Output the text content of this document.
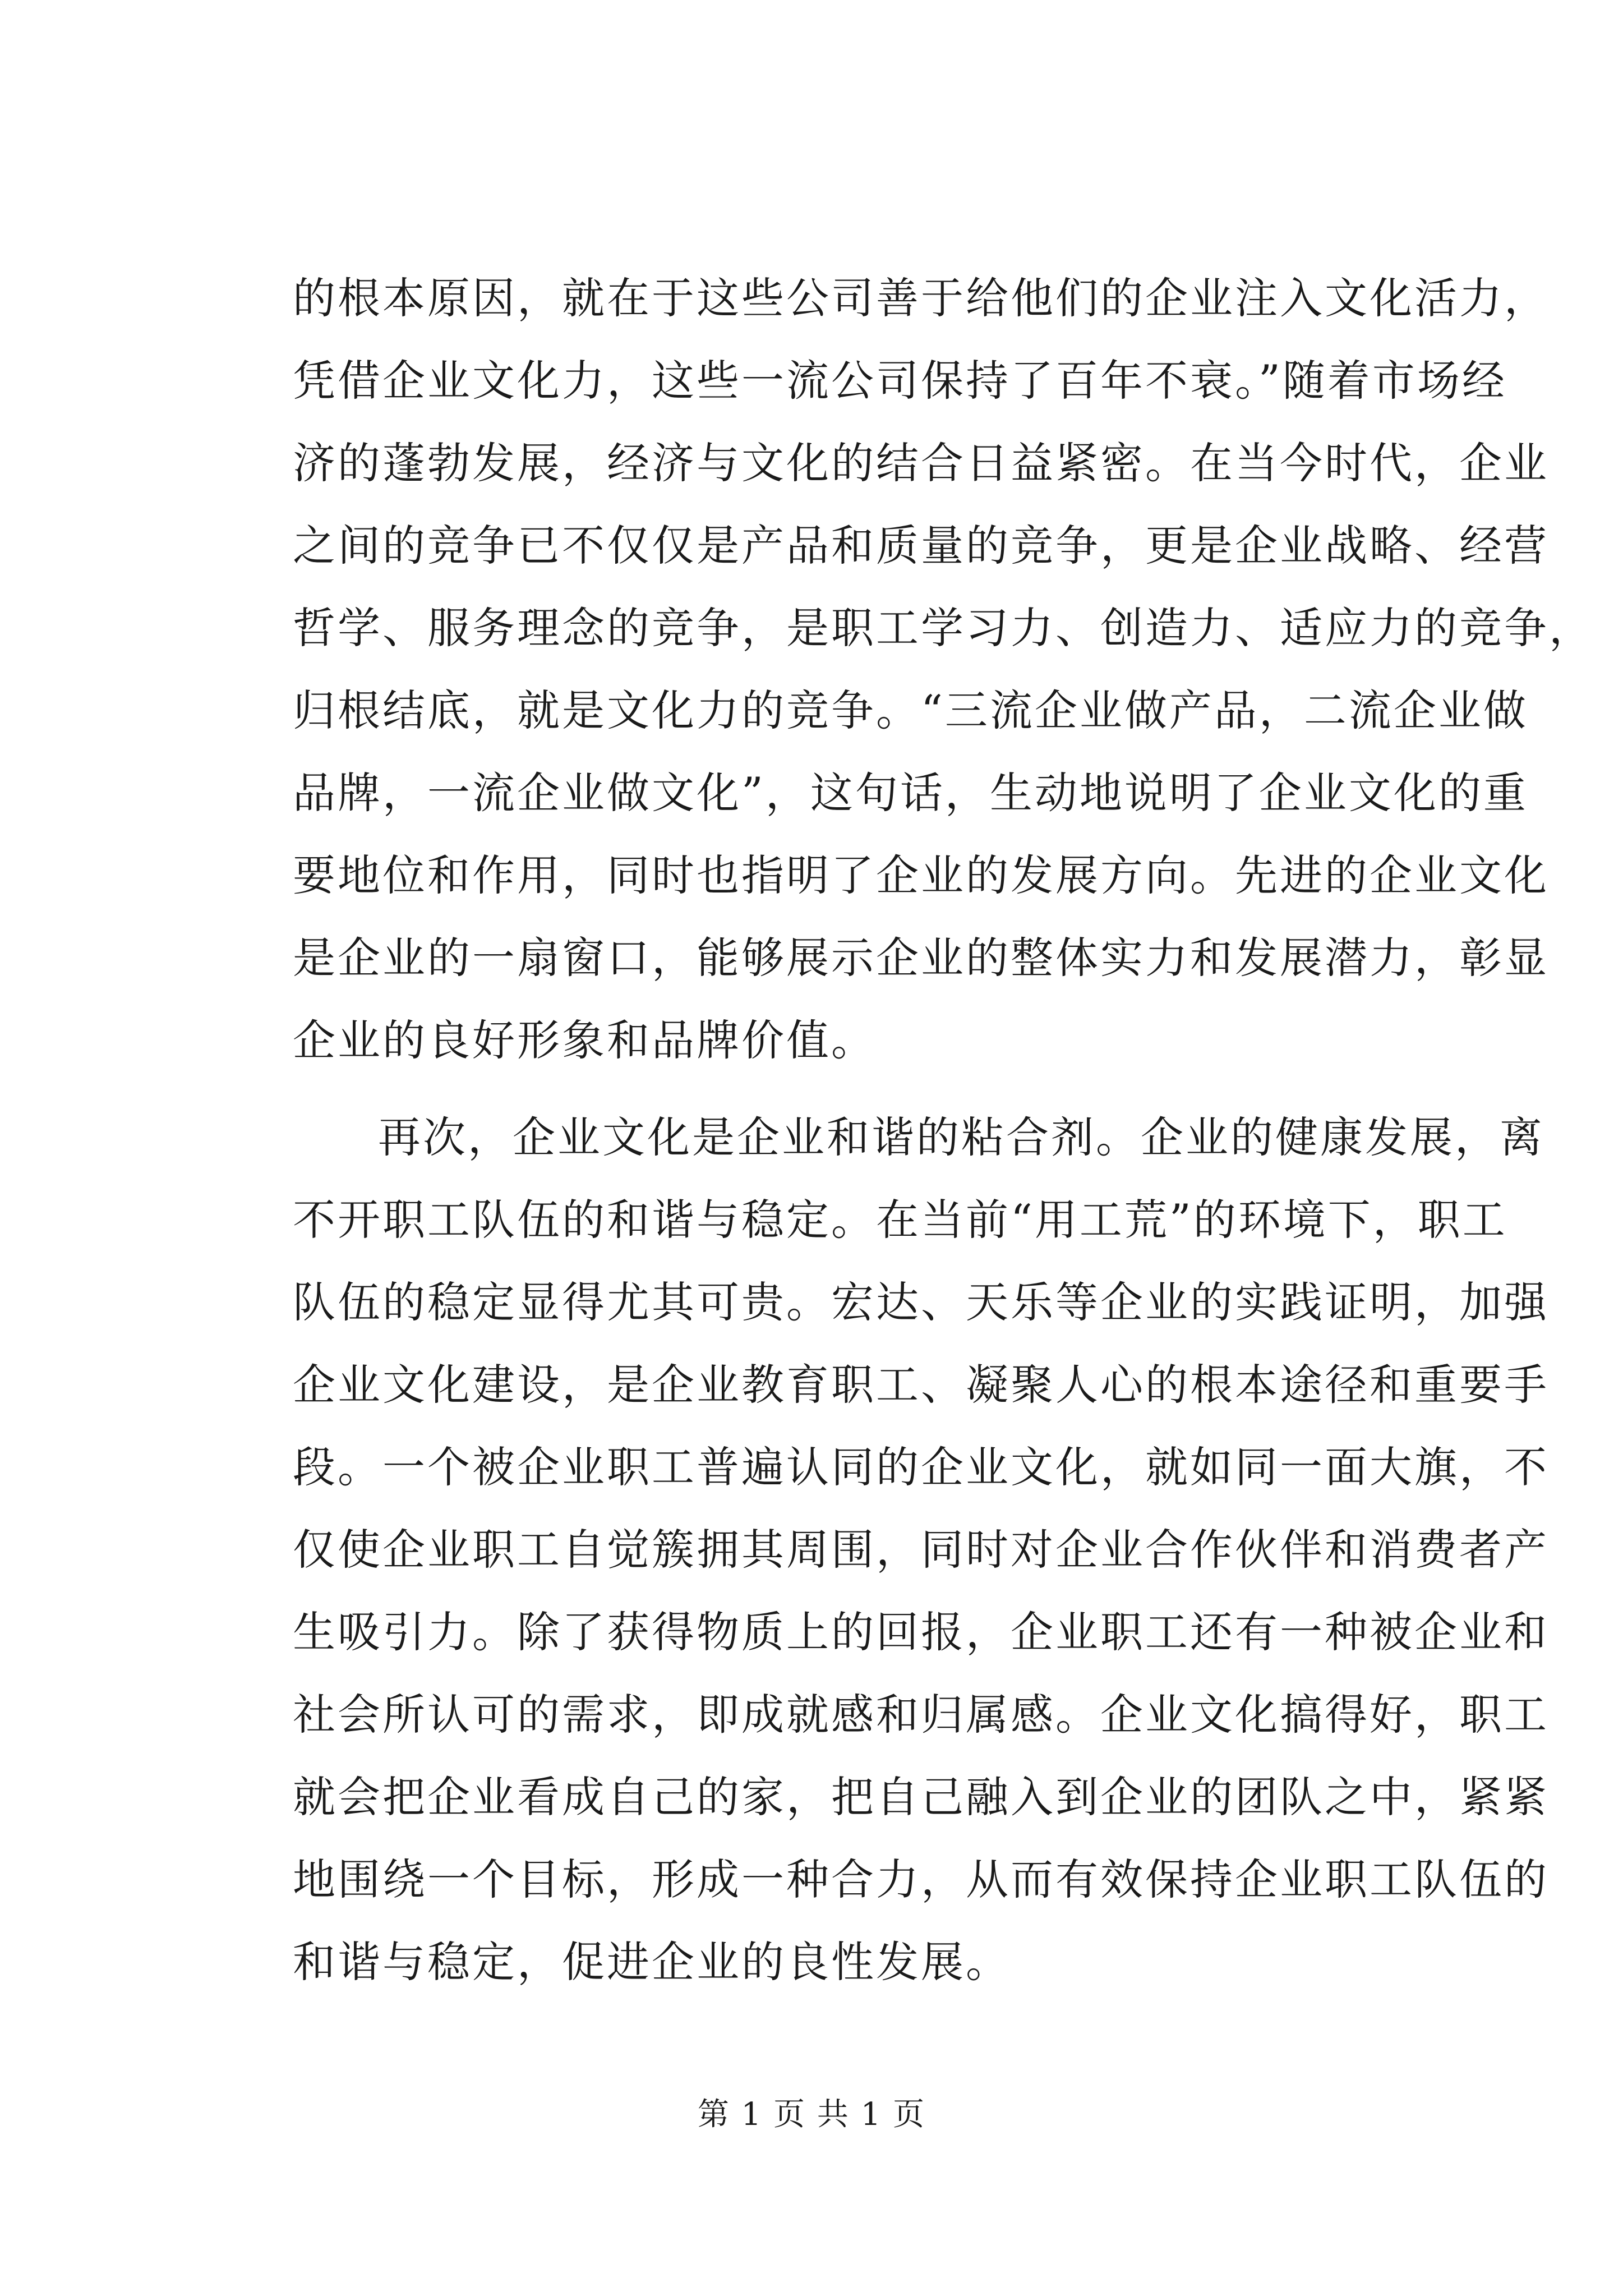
的根本原因，就在于这些公司善于给他们的企业注入文化活力，
凭借企业文化力，这些一流公司保持了百年不衰。”随着市场经
济的蓬勃发展，经济与文化的结合日益紧密。在当今时代，企业
之间的竞争已不仅仅是产品和质量的竞争，更是企业战略、经营
哲学、服务理念的竞争，是职工学习力、创造力、适应力的竞争，
归根结底，就是文化力的竞争。“三流企业做产品，二流企业做
品牌，一流企业做文化”，这句话，生动地说明了企业文化的重
要地位和作用，同时也指明了企业的发展方向。先进的企业文化
是企业的一扇窗口，能够展示企业的整体实力和发展潜力，彰显
企业的良好形象和品牌价值。
再次，企业文化是企业和谐的粘合剂。企业的健康发展，离
不开职工队伍的和谐与稳定。在当前“用工荒”的环境下，职工
队伍的稳定显得尤其可贵。宏达、天乐等企业的实践证明，加强
企业文化建设，是企业教育职工、凝聚人心的根本途径和重要手
段。一个被企业职工普遍认同的企业文化，就如同一面大旗，不
仅使企业职工自觉簇拥其周围，同时对企业合作伙伴和消费者产
生吸引力。除了获得物质上的回报，企业职工还有一种被企业和
社会所认可的需求，即成就感和归属感。企业文化搞得好，职工
就会把企业看成自己的家，把自己融入到企业的团队之中，紧紧
地围绕一个目标，形成一种合力，从而有效保持企业职工队伍的
和谐与稳定，促进企业的良性发展。
第 1 页 共 1 页
